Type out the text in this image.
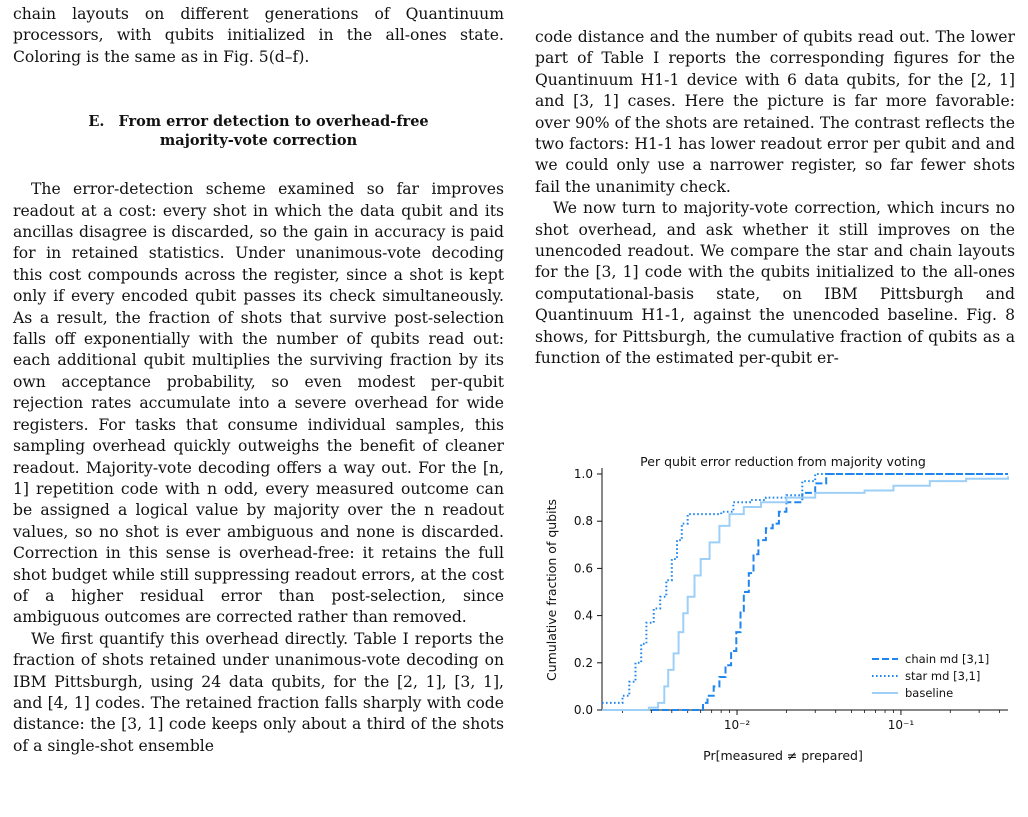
chain layouts on different generations of Quantinuum processors, with qubits initialized in the all-ones state. Coloring is the same as in Fig. 5(d–f).

E. From error detection to overhead-free majority-vote correction

The error-detection scheme examined so far improves readout at a cost: every shot in which the data qubit and its ancillas disagree is discarded, so the gain in accuracy is paid for in retained statistics. Under unanimous-vote decoding this cost compounds across the register, since a shot is kept only if every encoded qubit passes its check simultaneously. As a result, the fraction of shots that survive post-selection falls off exponentially with the number of qubits read out: each additional qubit multiplies the surviving fraction by its own acceptance probability, so even modest per-qubit rejection rates accumulate into a severe overhead for wide registers. For tasks that consume individual samples, this sampling overhead quickly outweighs the benefit of cleaner readout. Majority-vote decoding offers a way out. For the [n, 1] repetition code with n odd, every measured outcome can be assigned a logical value by majority over the n readout values, so no shot is ever ambiguous and none is discarded. Correction in this sense is overhead-free: it retains the full shot budget while still suppressing readout errors, at the cost of a higher residual error than post-selection, since ambiguous outcomes are corrected rather than removed.

We first quantify this overhead directly. Table I reports the fraction of shots retained under unanimous-vote decoding on IBM Pittsburgh, using 24 data qubits, for the [2, 1], [3, 1], and [4, 1] codes. The retained fraction falls sharply with code distance: the [3, 1] code keeps only about a third of the shots of a single-shot ensemble

code distance and the number of qubits read out. The lower part of Table I reports the corresponding figures for the Quantinuum H1-1 device with 6 data qubits, for the [2, 1] and [3, 1] cases. Here the picture is far more favorable: over 90% of the shots are retained. The contrast reflects the two factors: H1-1 has lower readout error per qubit and and we could only use a narrower register, so far fewer shots fail the unanimity check.

We now turn to majority-vote correction, which incurs no shot overhead, and ask whether it still improves on the unencoded readout. We compare the star and chain layouts for the [3, 1] code with the qubits initialized to the all-ones computational-basis state, on IBM Pittsburgh and Quantinuum H1-1, against the unencoded baseline. Fig. 8 shows, for Pittsburgh, the cumulative fraction of qubits as a function of the estimated per-qubit er-

Per qubit error reduction from majority voting
0.0
0.2
0.4
0.6
0.8
1.0
10⁻²	10⁻¹
chain md [3,1]
star md [3,1]
baseline
Pr[measured ≠ prepared]
Cumulative fraction of qubits
